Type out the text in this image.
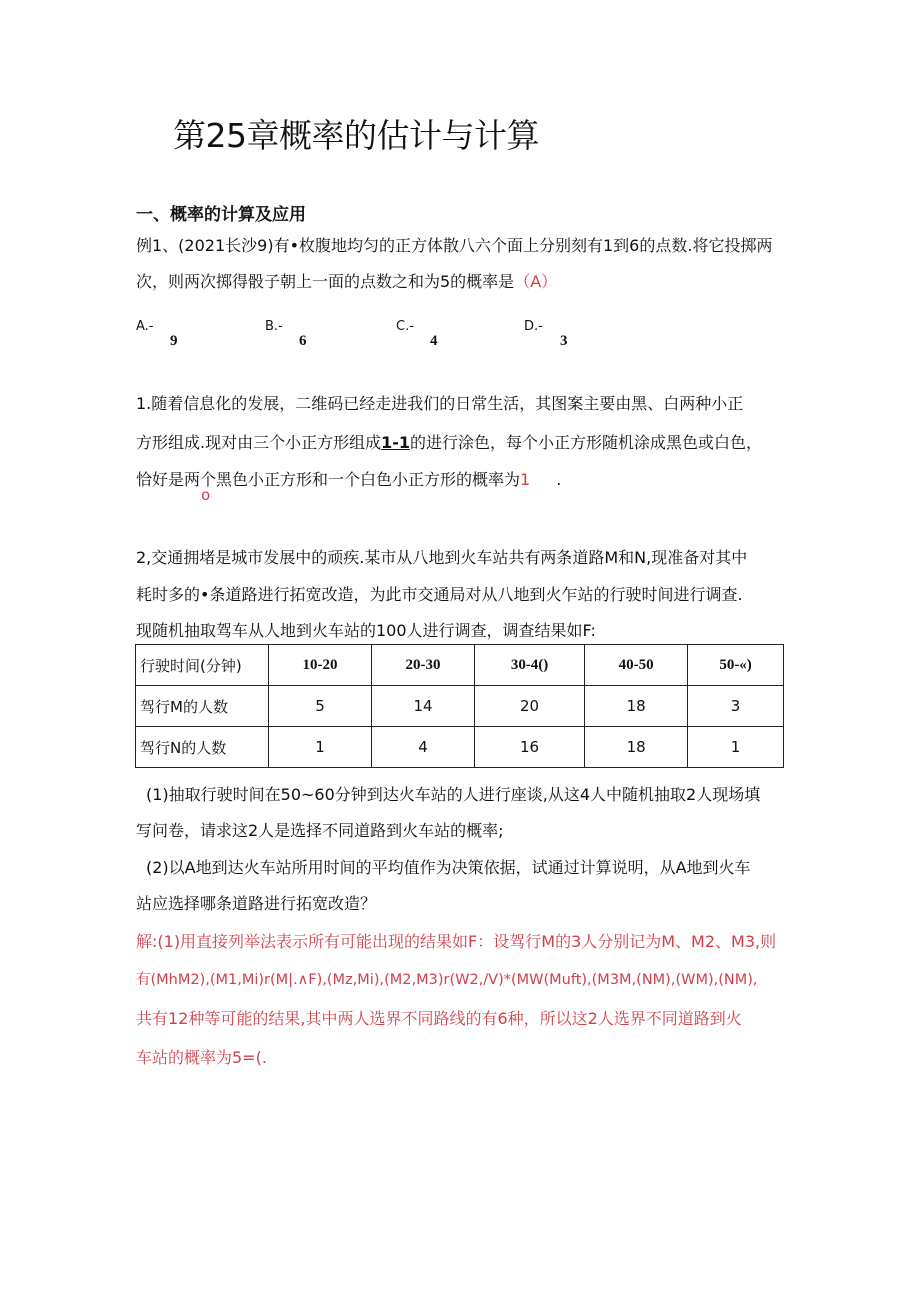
第25章概率的估计与计算
一、概率的计算及应用
例1、(2021长沙9)有•枚腹地均匀的正方体散八六个面上分别刻有1到6的点数.将它投掷两
次，则两次掷得骰子朝上一面的点数之和为5的概率是（A）
A.-
9
B.-
6
C.-
4
D.-
3
1.随着信息化的发展，二维码已经走进我们的日常生活，其图案主要由黑、白两种小正
方形组成.现对由三个小正方形组成1-1的进行涂色，每个小正方形随机涂成黑色或白色，
恰好是两个黑色小正方形和一个白色小正方形的概率为1 .
o
2,交通拥堵是城市发展中的顽疾.某市从八地到火车站共有两条道路M和N,现准备对其中
耗时多的•条道路进行拓宽改造，为此市交通局对从八地到火乍站的行驶时间进行调查.
现随机抽取驾车从人地到火车站的100人进行调查，调查结果如F:
行驶时间(分钟)	10-20	20-30	30-4()	40-50	50-«)
驾行M的人数	5	14	20	18	3
驾行N的人数	1	4	16	18	1
(1)抽取行驶时间在50~60分钟到达火车站的人进行座谈,从这4人中随机抽取2人现场填
写问卷，请求这2人是选择不同道路到火车站的概率;
(2)以A地到达火车站所用时间的平均值作为决策依据，试通过计算说明，从A地到火车
站应选择哪条道路进行拓宽改造？
解:(1)用直接列举法表示所有可能出现的结果如F：设驾行M的3人分别记为M、M2、M3,则
有(MhM2),(M1,Mi)r(M|.∧F),(Mz,Mi),(M2,M3)r(W2,/V)*(MW(Muft),(M3M,(NM),(WM),(NM),
共有12种等可能的结果,其中两人选界不同路线的有6种，所以这2人选界不同道路到火
车站的概率为5=(.
